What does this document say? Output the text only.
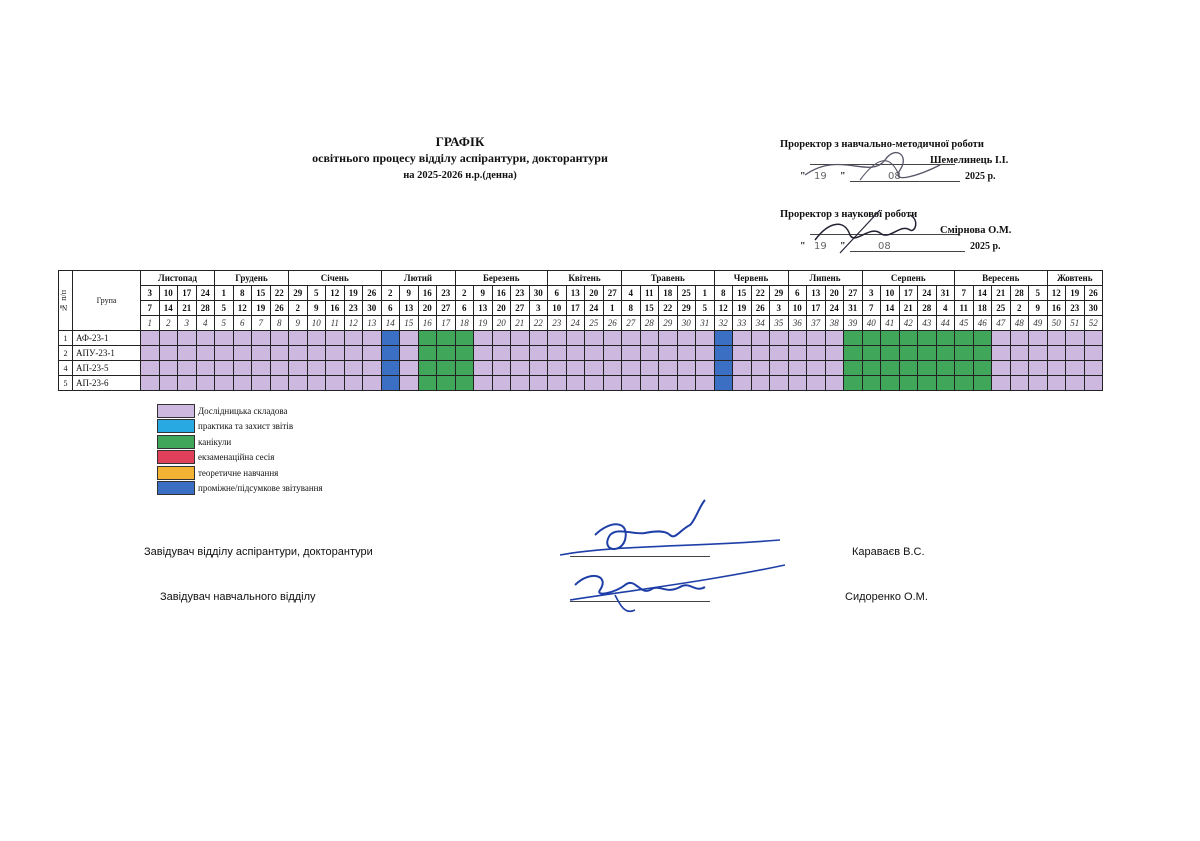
ГРАФІК
освітнього процесу відділу аспірантури, докторантури
на 2025-2026 н.р.(денна)
Проректор з навчально-методичної роботи
Шемелинець І.І.
" 19 "	08	2025 р.
Проректор з наукової роботи
Смірнова О.М.
" 19 "	08	2025 р.
№ п/п	Група	Листопад				Грудень				Січень					Лютий				Березень					Квітень				Травень					Червень				Липень				Серпень					Вересень					Жовтень		
		3	10	17	24	1	8	15	22	29	5	12	19	26	2	9	16	23	2	9	16	23	30	6	13	20	27	4	11	18	25	1	8	15	22	29	6	13	20	27	3	10	17	24	31	7	14	21	28	5	12	19	26
		7	14	21	28	5	12	19	26	2	9	16	23	30	6	13	20	27	6	13	20	27	3	10	17	24	1	8	15	22	29	5	12	19	26	3	10	17	24	31	7	14	21	28	4	11	18	25	2	9	16	23	30
		1	2	3	4	5	6	7	8	9	10	11	12	13	14	15	16	17	18	19	20	21	22	23	24	25	26	27	28	29	30	31	32	33	34	35	36	37	38	39	40	41	42	43	44	45	46	47	48	49	50	51	52
1	АФ-23-1																																																				
2	АПУ-23-1																																																				
4	АП-23-5																																																				
5	АП-23-6																																																				
Дослідницька складова
практика та захист звітів
канікули
екзаменаційна сесія
теоретичне навчання
проміжне/підсумкове звітування
Завідувач відділу аспірантури, докторантури	Караваєв В.С.
Завідувач навчального відділу	Сидоренко О.М.
